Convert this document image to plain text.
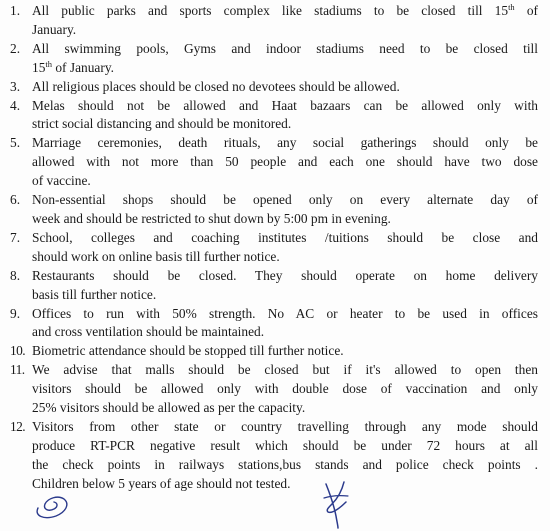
1. All public parks and sports complex like stadiums to be closed till 15th of
January.
2. All swimming pools, Gyms and indoor stadiums need to be closed till
15th of January.
3. All religious places should be closed no devotees should be allowed.
4. Melas should not be allowed and Haat bazaars can be allowed only with
strict social distancing and should be monitored.
5. Marriage ceremonies, death rituals, any social gatherings should only be
allowed with not more than 50 people and each one should have two dose
of vaccine.
6. Non-essential shops should be opened only on every alternate day of
week and should be restricted to shut down by 5:00 pm in evening.
7. School, colleges and coaching institutes /tuitions should be close and
should work on online basis till further notice.
8. Restaurants should be closed. They should operate on home delivery
basis till further notice.
9. Offices to run with 50% strength. No AC or heater to be used in offices
and cross ventilation should be maintained.
10. Biometric attendance should be stopped till further notice.
11. We advise that malls should be closed but if it's allowed to open then
visitors should be allowed only with double dose of vaccination and only
25% visitors should be allowed as per the capacity.
12. Visitors from other state or country travelling through any mode should
produce RT-PCR negative result which should be under 72 hours at all
the check points in railways stations,bus stands and police check points .
Children below 5 years of age should not tested.
